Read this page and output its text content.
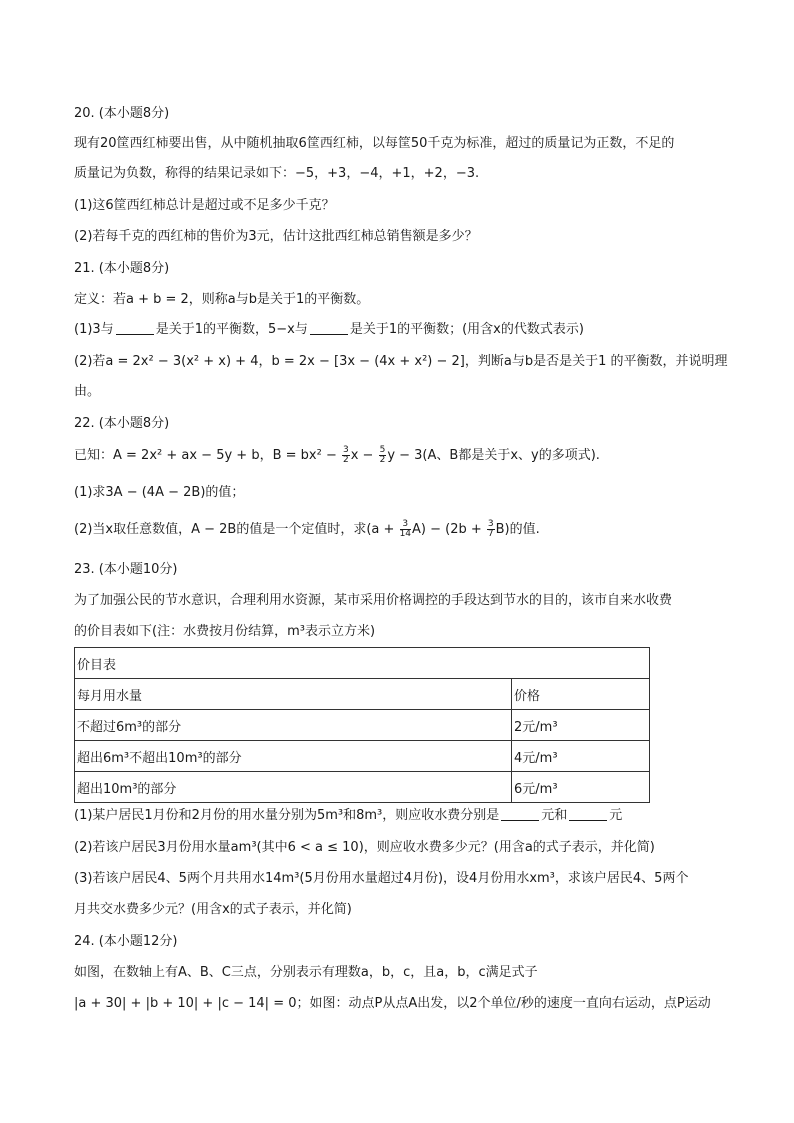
20. (本小题8分)
现有20筐西红柿要出售，从中随机抽取6筐西红柿，以每筐50千克为标准，超过的质量记为正数，不足的
质量记为负数，称得的结果记录如下：−5，+3，−4，+1，+2，−3.
(1)这6筐西红柿总计是超过或不足多少千克？
(2)若每千克的西红柿的售价为3元，估计这批西红柿总销售额是多少？
21. (本小题8分)
定义：若a + b = 2，则称a与b是关于1的平衡数。
(1)3与	是关于1的平衡数，5−x与	是关于1的平衡数；(用含x的代数式表示)
(2)若a = 2x² − 3(x² + x) + 4，b = 2x − [3x − (4x + x²) − 2]，判断a与b是否是关于1 的平衡数，并说明理
由。
22. (本小题8分)
已知：A = 2x² + ax − 5y + b，$B = bx^2 - \frac{3}{2}$ $x - \frac{5}{2}$ y − 3(A、B都是关于x、y的多项式).
(1)求3A − (4A − 2B)的值；
(2)当x取任意数值，A − 2B的值是一个定值时，求$(a + \frac{3}{14} A) - (2b + \frac{3}{7} B)$的值.
23. (本小题10分)
为了加强公民的节水意识，合理利用水资源，某市采用价格调控的手段达到节水的目的，该市自来水收费
的价目表如下(注：水费按月份结算，m³表示立方米)
价目表	
每月用水量	价格
不超过6m³的部分	2元/m³
超出6m³不超出10m³的部分	4元/m³
超出10m³的部分	6元/m³
(1)某户居民1月份和2月份的用水量分别为5m³和8m³，则应收水费分别是	元和	元
(2)若该户居民3月份用水量am³(其中6 < a ≤ 10)，则应收水费多少元？(用含a的式子表示，并化简)
(3)若该户居民4、5两个月共用水14m³(5月份用水量超过4月份)，设4月份用水xm³，求该户居民4、5两个
月共交水费多少元？(用含x的式子表示，并化简)
24. (本小题12分)
如图，在数轴上有A、B、C三点，分别表示有理数a，b，c，且a，b，c满足式子
|a + 30| + |b + 10| + |c − 14| = 0；如图：动点P从点A出发，以2个单位/秒的速度一直向右运动，点P运动
